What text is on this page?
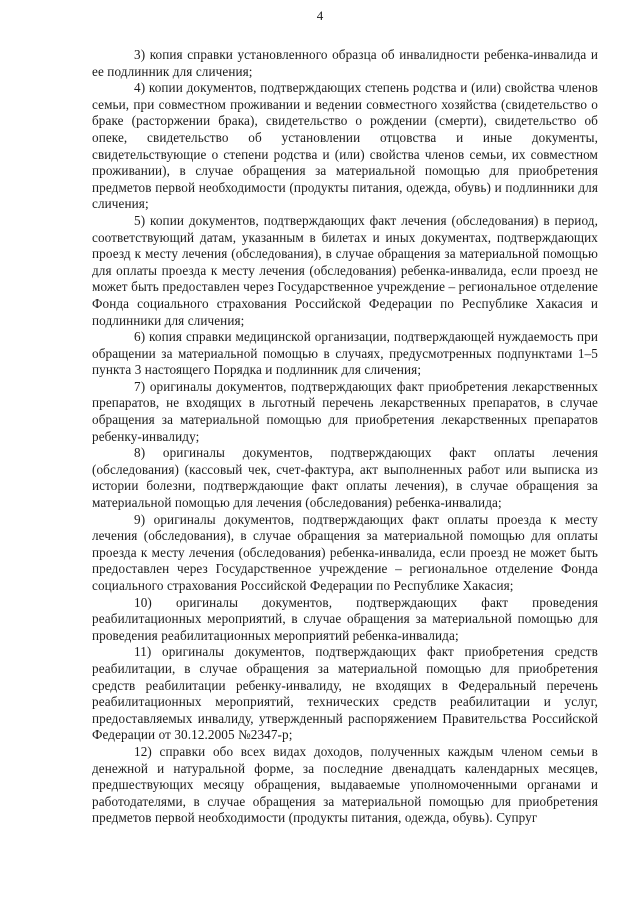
4

3) копия справки установленного образца об инвалидности ребенка-инвалида и ее подлинник для сличения;

4) копии документов, подтверждающих степень родства и (или) свойства членов семьи, при совместном проживании и ведении совместного хозяйства (свидетельство о браке (расторжении брака), свидетельство о рождении (смерти), свидетельство об опеке, свидетельство об установлении отцовства и иные документы, свидетельствующие о степени родства и (или) свойства членов семьи, их совместном проживании), в случае обращения за материальной помощью для приобретения предметов первой необходимости (продукты питания, одежда, обувь) и подлинники для сличения;

5) копии документов, подтверждающих факт лечения (обследования) в период, соответствующий датам, указанным в билетах и иных документах, подтверждающих проезд к месту лечения (обследования), в случае обращения за материальной помощью для оплаты проезда к месту лечения (обследования) ребенка-инвалида, если проезд не может быть предоставлен через Государственное учреждение – региональное отделение Фонда социального страхования Российской Федерации по Республике Хакасия и подлинники для сличения;

6) копия справки медицинской организации, подтверждающей нуждаемость при обращении за материальной помощью в случаях, предусмотренных подпунктами 1–5 пункта 3 настоящего Порядка и подлинник для сличения;

7) оригиналы документов, подтверждающих факт приобретения лекарственных препаратов, не входящих в льготный перечень лекарственных препаратов, в случае обращения за материальной помощью для приобретения лекарственных препаратов ребенку-инвалиду;

8) оригиналы документов, подтверждающих факт оплаты лечения (обследования) (кассовый чек, счет-фактура, акт выполненных работ или выписка из истории болезни, подтверждающие факт оплаты лечения), в случае обращения за материальной помощью для лечения (обследования) ребенка-инвалида;

9) оригиналы документов, подтверждающих факт оплаты проезда к месту лечения (обследования), в случае обращения за материальной помощью для оплаты проезда к месту лечения (обследования) ребенка-инвалида, если проезд не может быть предоставлен через Государственное учреждение – региональное отделение Фонда социального страхования Российской Федерации по Республике Хакасия;

10) оригиналы документов, подтверждающих факт проведения реабилитационных мероприятий, в случае обращения за материальной помощью для проведения реабилитационных мероприятий ребенка-инвалида;

11) оригиналы документов, подтверждающих факт приобретения средств реабилитации, в случае обращения за материальной помощью для приобретения средств реабилитации ребенку-инвалиду, не входящих в Федеральный перечень реабилитационных мероприятий, технических средств реабилитации и услуг, предоставляемых инвалиду, утвержденный распоряжением Правительства Российской Федерации от 30.12.2005 №2347-р;

12) справки обо всех видах доходов, полученных каждым членом семьи в денежной и натуральной форме, за последние двенадцать календарных месяцев, предшествующих месяцу обращения, выдаваемые уполномоченными органами и работодателями, в случае обращения за материальной помощью для приобретения предметов первой необходимости (продукты питания, одежда, обувь). Супруг
